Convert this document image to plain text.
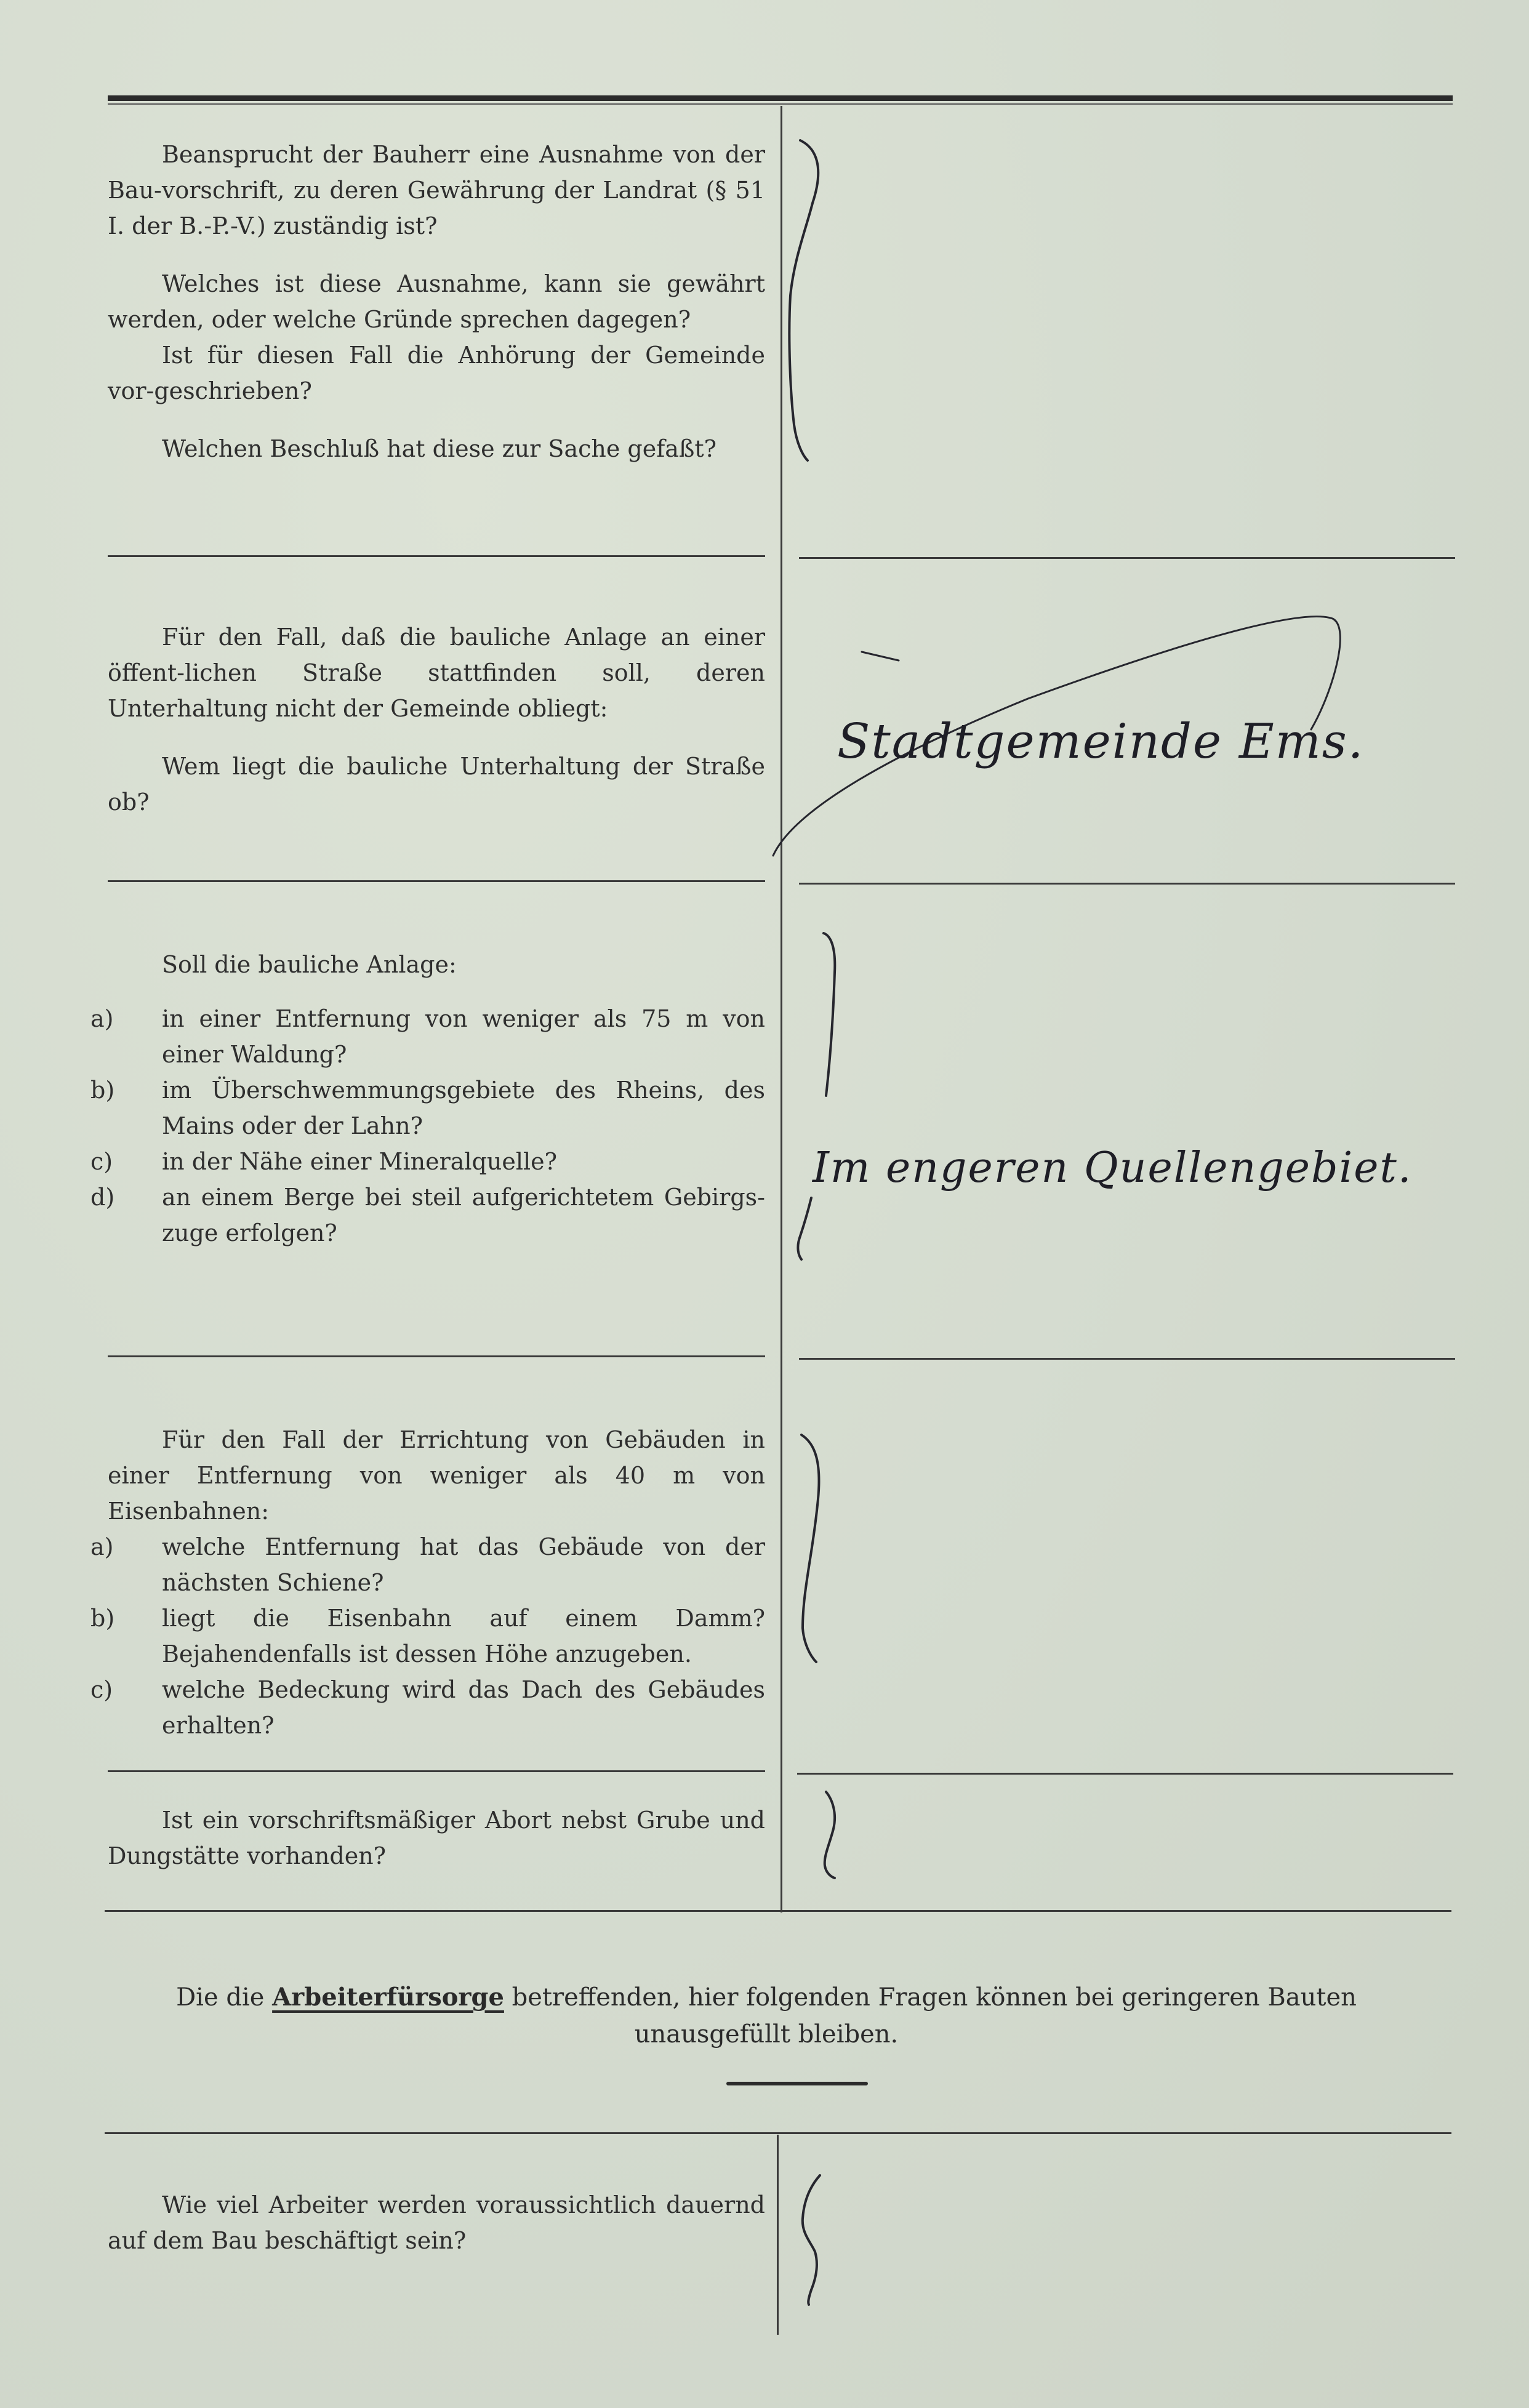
Beansprucht der Bauherr eine Ausnahme von der Bau-vorschrift, zu deren Gewährung der Landrat (§ 51 I. der B.-P.-V.) zuständig ist?

Welches ist diese Ausnahme, kann sie gewährt werden, oder welche Gründe sprechen dagegen?

Ist für diesen Fall die Anhörung der Gemeinde vor-geschrieben?

Welchen Beschluß hat diese zur Sache gefaßt?

Für den Fall, daß die bauliche Anlage an einer öffent-lichen Straße stattfinden soll, deren Unterhaltung nicht der Gemeinde obliegt:

Wem liegt die bauliche Unterhaltung der Straße ob?

Soll die bauliche Anlage:

a) in einer Entfernung von weniger als 75 m von einer Waldung?
b) im Überschwemmungsgebiete des Rheins, des Mains oder der Lahn?
c) in der Nähe einer Mineralquelle?
d) an einem Berge bei steil aufgerichtetem Gebirgs-zuge erfolgen?

Für den Fall der Errichtung von Gebäuden in einer Entfernung von weniger als 40 m von Eisenbahnen:

a) welche Entfernung hat das Gebäude von der nächsten Schiene?
b) liegt die Eisenbahn auf einem Damm? Bejahendenfalls ist dessen Höhe anzugeben.
c) welche Bedeckung wird das Dach des Gebäudes erhalten?

Ist ein vorschriftsmäßiger Abort nebst Grube und Dungstätte vorhanden?

Die die Arbeiterfürsorge betreffenden, hier folgenden Fragen können bei geringeren Bauten unausgefüllt bleiben.

Wie viel Arbeiter werden voraussichtlich dauernd auf dem Bau beschäftigt sein?

Stadtgemeinde Ems.
Im engeren Quellengebiet.
